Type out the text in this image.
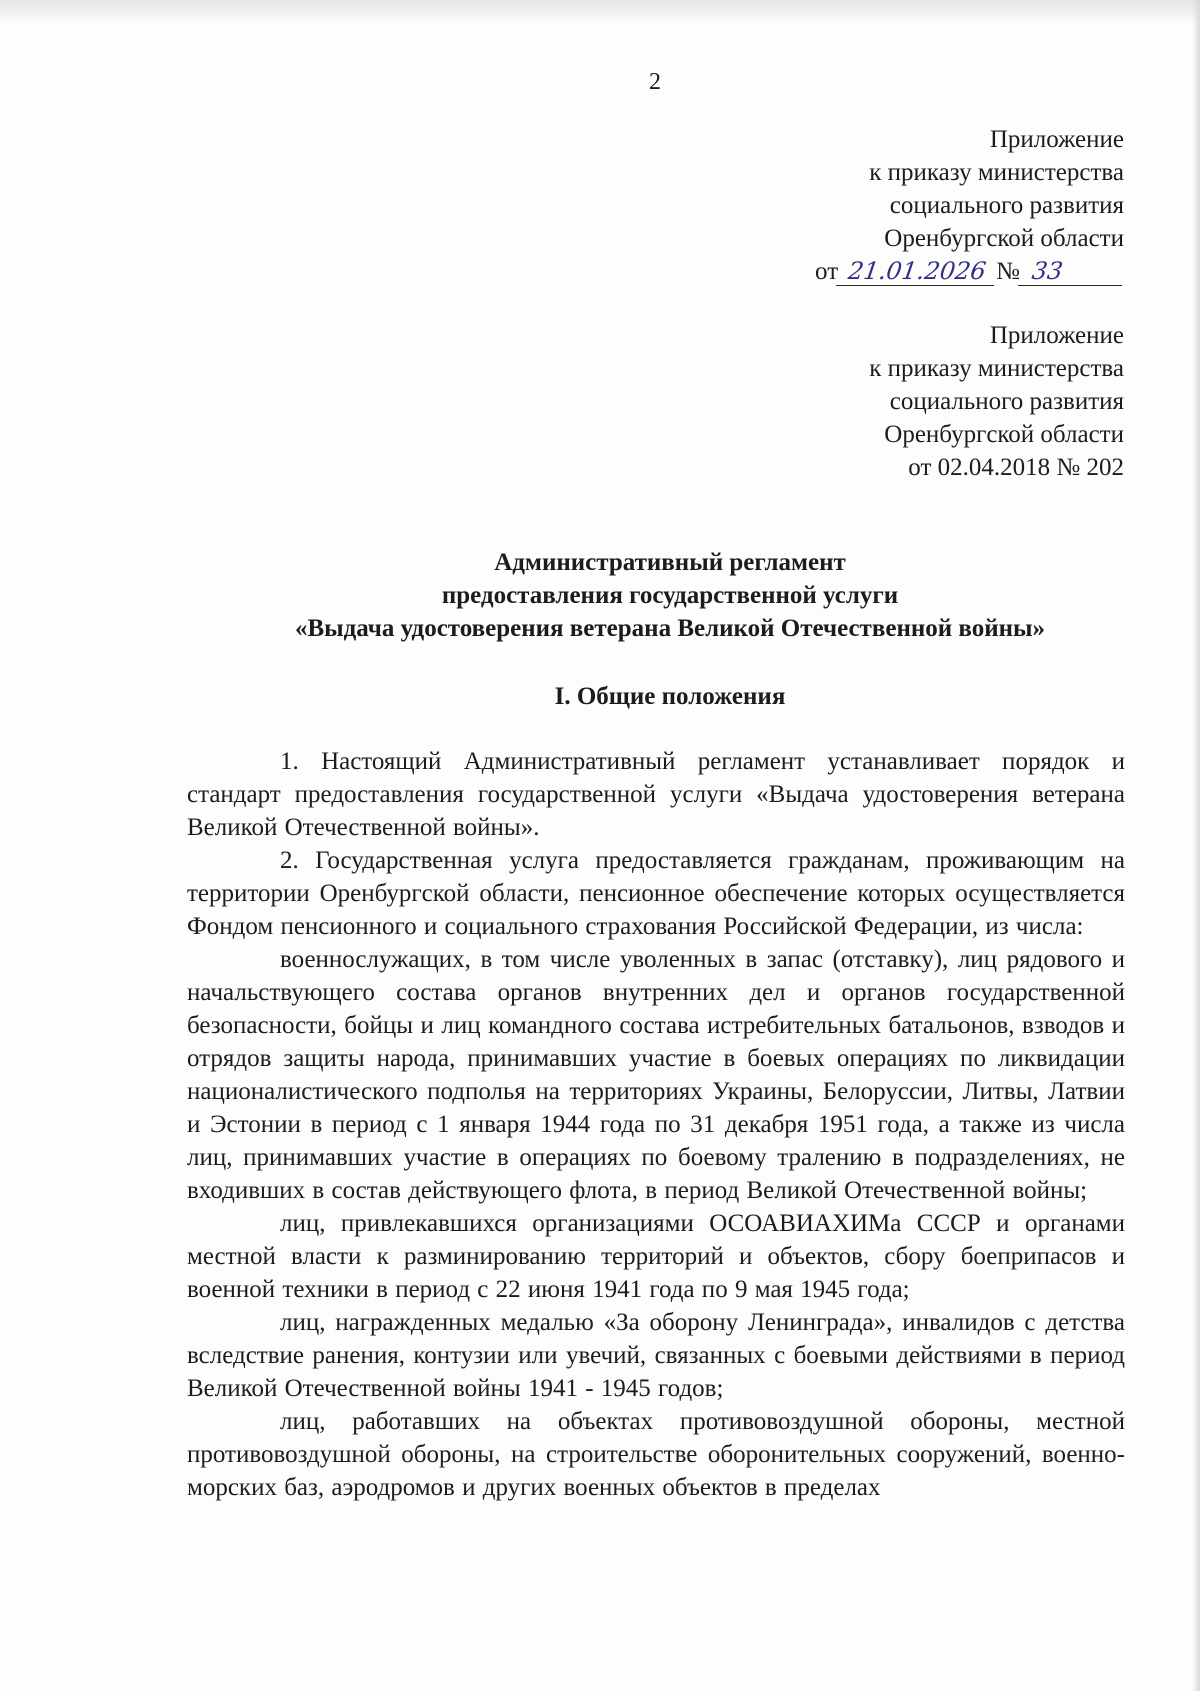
2
Приложение
к приказу министерства
социального развития
Оренбургской области
от 21.01.2026 № 33
Приложение
к приказу министерства
социального развития
Оренбургской области
от 02.04.2018 № 202
Административный регламент
предоставления государственной услуги
«Выдача удостоверения ветерана Великой Отечественной войны»
I. Общие положения

1. Настоящий Административный регламент устанавливает порядок и стандарт предоставления государственной услуги «Выдача удостоверения ветерана Великой Отечественной войны».

2. Государственная услуга предоставляется гражданам, проживающим на территории Оренбургской области, пенсионное обеспечение которых осуществляется Фондом пенсионного и социального страхования Российской Федерации, из числа:

военнослужащих, в том числе уволенных в запас (отставку), лиц рядового и начальствующего состава органов внутренних дел и органов государственной безопасности, бойцы и лиц командного состава истребительных батальонов, взводов и отрядов защиты народа, принимавших участие в боевых операциях по ликвидации националистического подполья на территориях Украины, Белоруссии, Литвы, Латвии и Эстонии в период с 1 января 1944 года по 31 декабря 1951 года, а также из числа лиц, принимавших участие в операциях по боевому тралению в подразделениях, не входивших в состав действующего флота, в период Великой Отечественной войны;

лиц, привлекавшихся организациями ОСОАВИАХИМа СССР и органами местной власти к разминированию территорий и объектов, сбору боеприпасов и военной техники в период с 22 июня 1941 года по 9 мая 1945 года;

лиц, награжденных медалью «За оборону Ленинграда», инвалидов с детства вследствие ранения, контузии или увечий, связанных с боевыми действиями в период Великой Отечественной войны 1941 - 1945 годов;

лиц, работавших на объектах противовоздушной обороны, местной противовоздушной обороны, на строительстве оборонительных сооружений, военно-морских баз, аэродромов и других военных объектов в пределах
